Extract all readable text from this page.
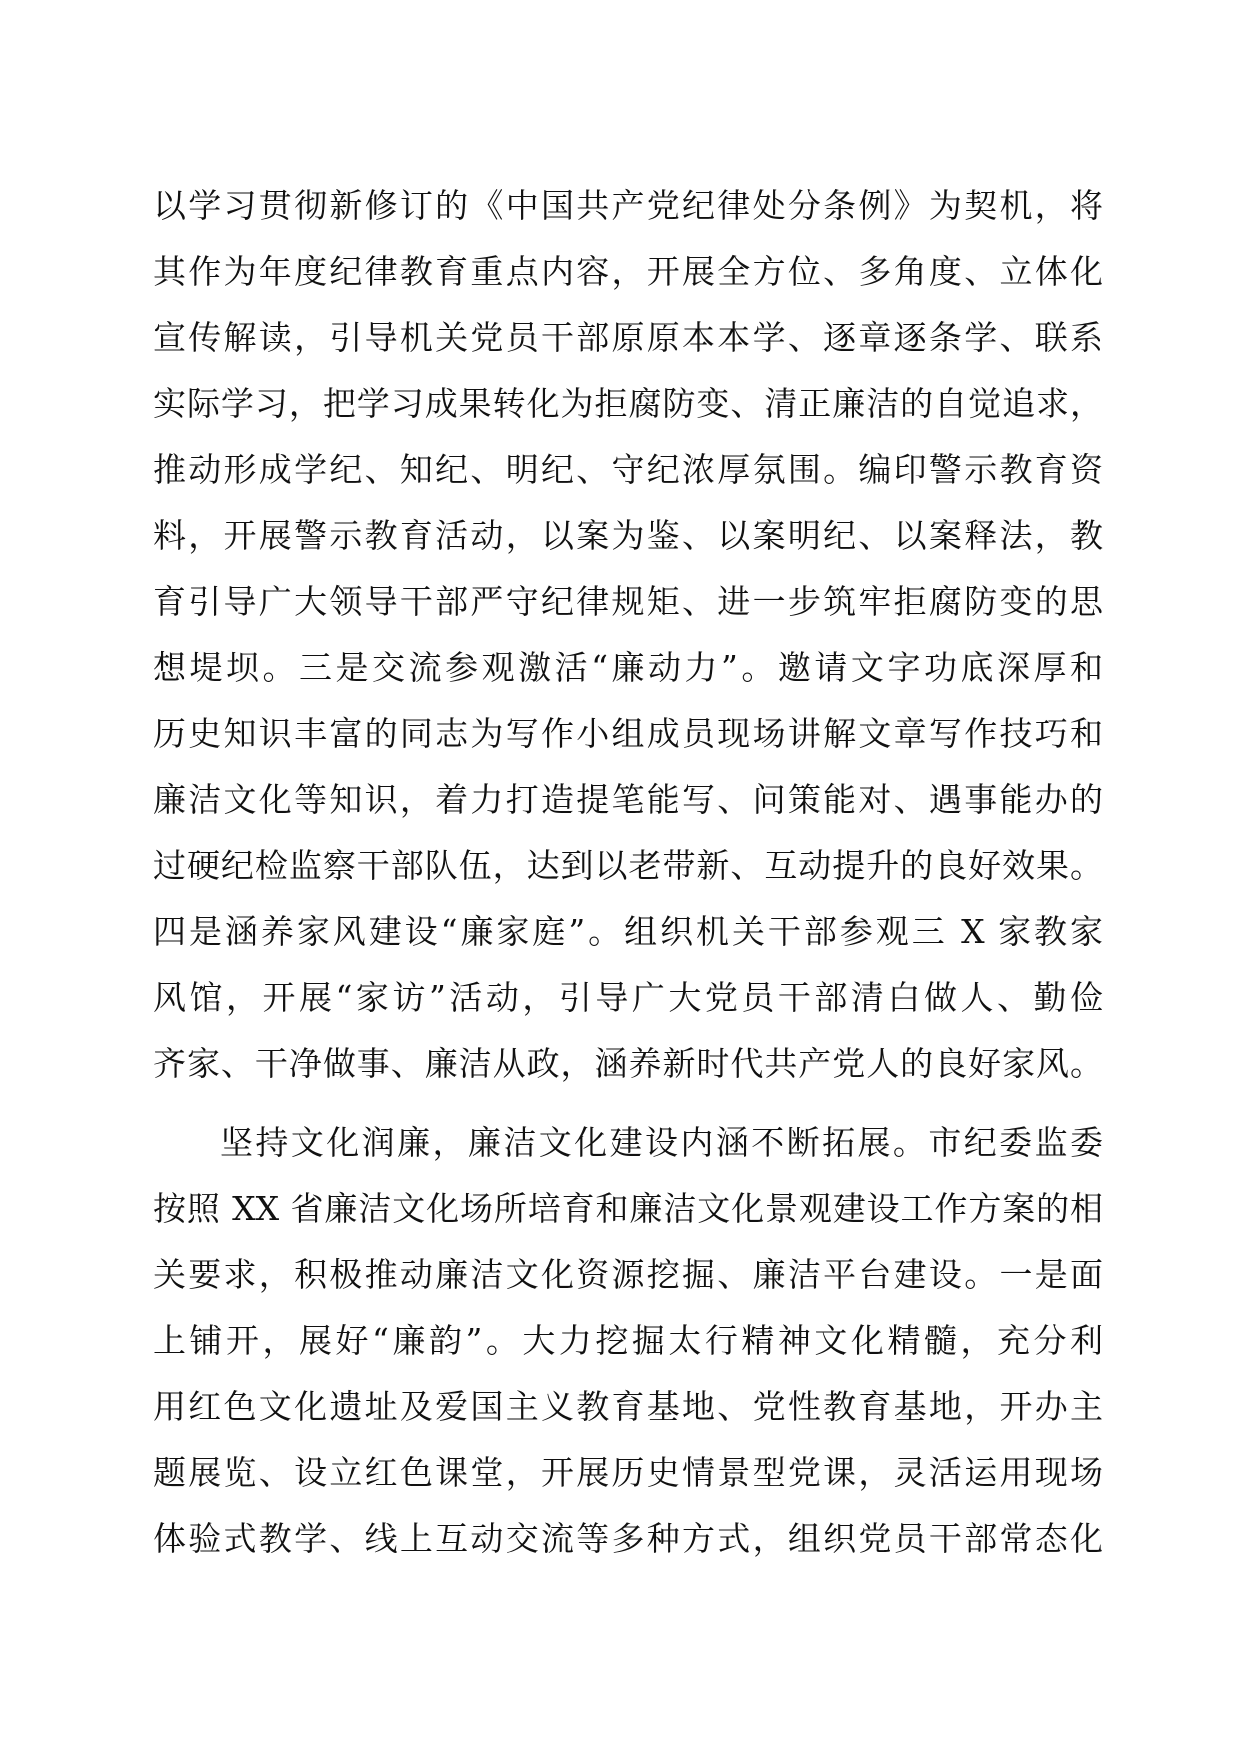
以学习贯彻新修订的《中国共产党纪律处分条例》为契机，将
其作为年度纪律教育重点内容，开展全方位、多角度、立体化
宣传解读，引导机关党员干部原原本本学、逐章逐条学、联系
实际学习，把学习成果转化为拒腐防变、清正廉洁的自觉追求，
推动形成学纪、知纪、明纪、守纪浓厚氛围。编印警示教育资
料，开展警示教育活动，以案为鉴、以案明纪、以案释法，教
育引导广大领导干部严守纪律规矩、进一步筑牢拒腐防变的思
想堤坝。三是交流参观激活“廉动力”。邀请文字功底深厚和
历史知识丰富的同志为写作小组成员现场讲解文章写作技巧和
廉洁文化等知识，着力打造提笔能写、问策能对、遇事能办的
过硬纪检监察干部队伍，达到以老带新、互动提升的良好效果。
四是涵养家风建设“廉家庭”。组织机关干部参观三 X 家教家
风馆，开展“家访”活动，引导广大党员干部清白做人、勤俭
齐家、干净做事、廉洁从政，涵养新时代共产党人的良好家风。
坚持文化润廉，廉洁文化建设内涵不断拓展。市纪委监委
按照 XX 省廉洁文化场所培育和廉洁文化景观建设工作方案的相
关要求，积极推动廉洁文化资源挖掘、廉洁平台建设。一是面
上铺开，展好“廉韵”。大力挖掘太行精神文化精髓，充分利
用红色文化遗址及爱国主义教育基地、党性教育基地，开办主
题展览、设立红色课堂，开展历史情景型党课，灵活运用现场
体验式教学、线上互动交流等多种方式，组织党员干部常态化
